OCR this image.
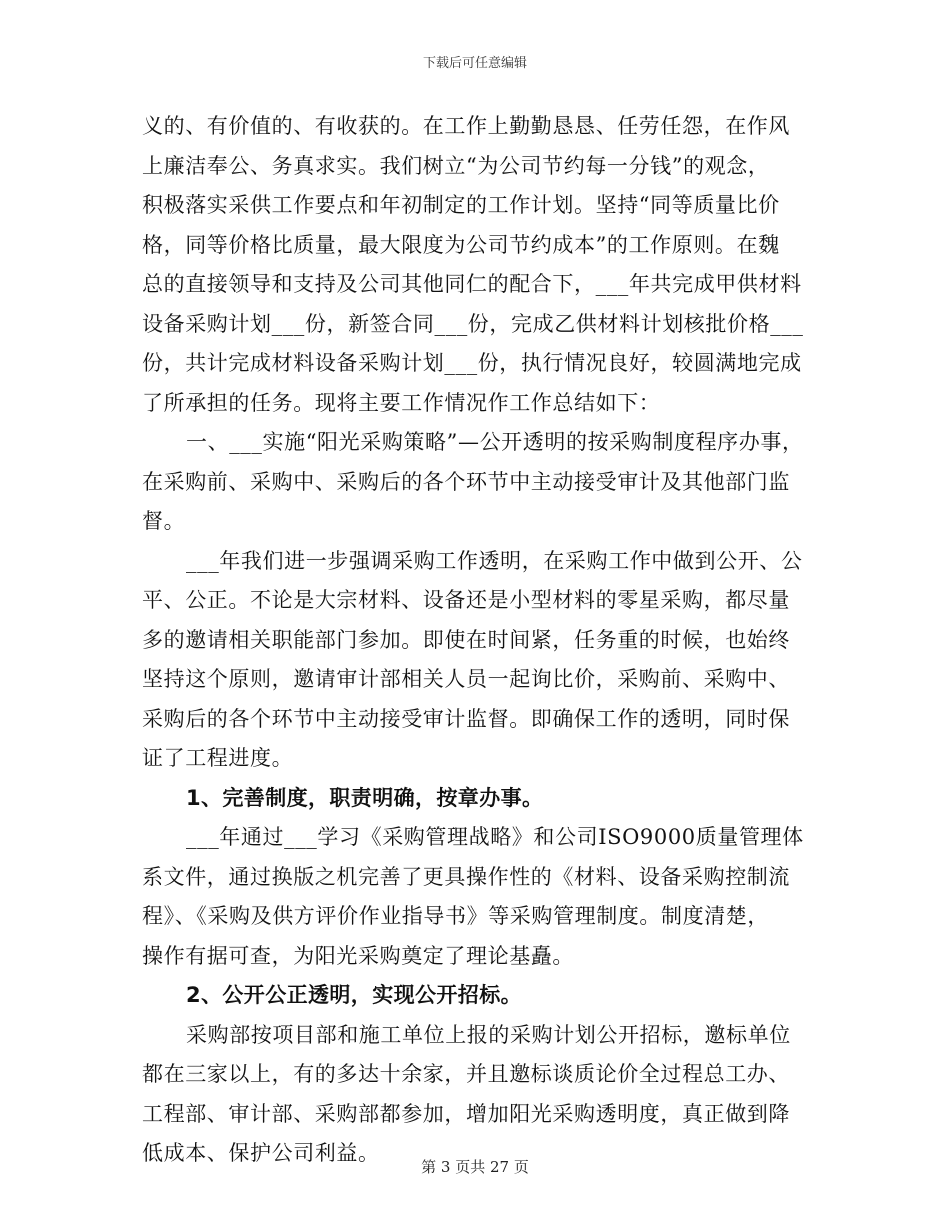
下载后可任意编辑
义的、有价值的、有收获的。在工作上勤勤恳恳、任劳任怨，在作风
上廉洁奉公、务真求实。我们树立“为公司节约每一分钱”的观念，
积极落实采供工作要点和年初制定的工作计划。坚持“同等质量比价
格，同等价格比质量，最大限度为公司节约成本”的工作原则。在魏
总的直接领导和支持及公司其他同仁的配合下，___年共完成甲供材料
设备采购计划___份，新签合同___份，完成乙供材料计划核批价格___
份，共计完成材料设备采购计划___份，执行情况良好，较圆满地完成
了所承担的任务。现将主要工作情况作工作总结如下：
一、___实施“阳光采购策略”—公开透明的按采购制度程序办事，
在采购前、采购中、采购后的各个环节中主动接受审计及其他部门监
督。
___年我们进一步强调采购工作透明，在采购工作中做到公开、公
平、公正。不论是大宗材料、设备还是小型材料的零星采购，都尽量
多的邀请相关职能部门参加。即使在时间紧，任务重的时候，也始终
坚持这个原则，邀请审计部相关人员一起询比价，采购前、采购中、
采购后的各个环节中主动接受审计监督。即确保工作的透明，同时保
证了工程进度。
1、完善制度，职责明确，按章办事。
___年通过___学习《采购管理战略》和公司ISO9000质量管理体
系文件，通过换版之机完善了更具操作性的《材料、设备采购控制流
程》、《采购及供方评价作业指导书》等采购管理制度。制度清楚，
操作有据可查，为阳光采购奠定了理论基矗。
2、公开公正透明，实现公开招标。
采购部按项目部和施工单位上报的采购计划公开招标，邀标单位
都在三家以上，有的多达十余家，并且邀标谈质论价全过程总工办、
工程部、审计部、采购部都参加，增加阳光采购透明度，真正做到降
低成本、保护公司利益。
第 3 页共 27 页
